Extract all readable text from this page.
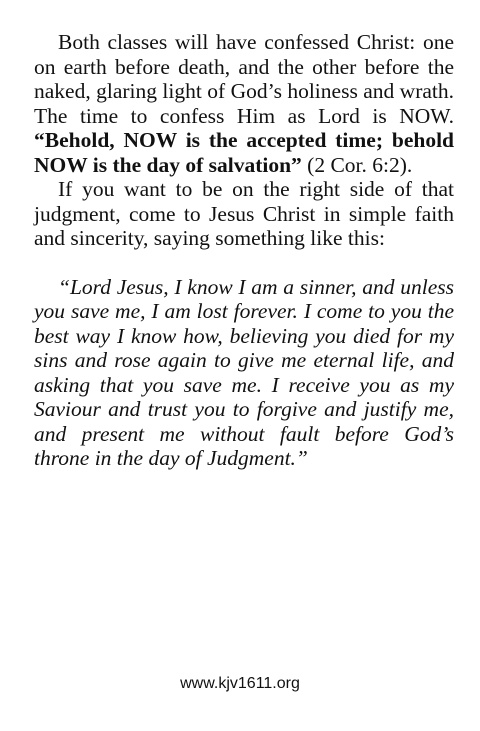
Both classes will have confessed Christ: one on earth before death, and the other before the naked, glaring light of God’s holiness and wrath. The time to confess Him as Lord is NOW. “Behold, NOW is the accepted time; behold NOW is the day of salvation” (2 Cor. 6:2).

If you want to be on the right side of that judgment, come to Jesus Christ in simple faith and sincerity, saying something like this:

“Lord Jesus, I know I am a sinner, and unless you save me, I am lost forever. I come to you the best way I know how, believing you died for my sins and rose again to give me eternal life, and asking that you save me. I receive you as my Saviour and trust you to forgive and justify me, and present me without fault before God’s throne in the day of Judgment.”

www.kjv1611.org
